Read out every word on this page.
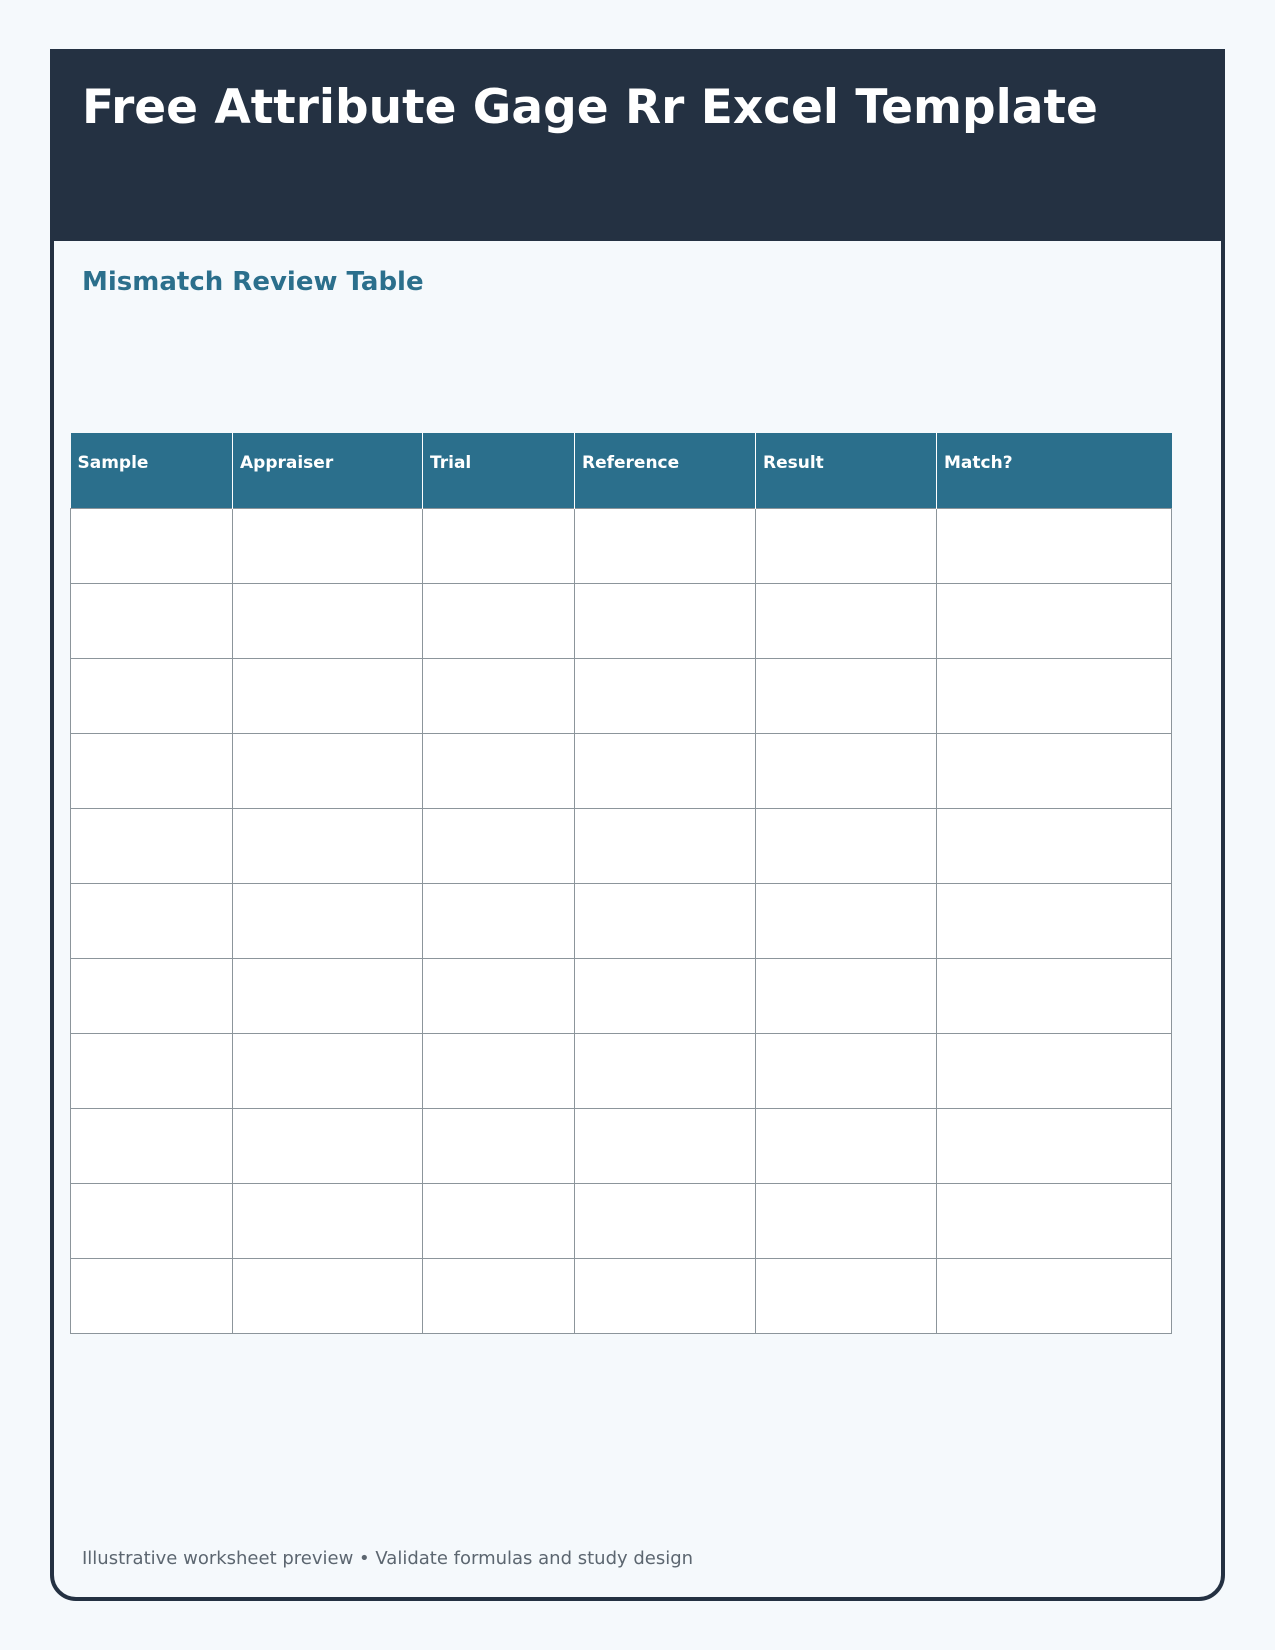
Free Attribute Gage Rr Excel Template
Mismatch Review Table
Sample	Appraiser	Trial	Reference	Result	Match?

Illustrative worksheet preview • Validate formulas and study design
